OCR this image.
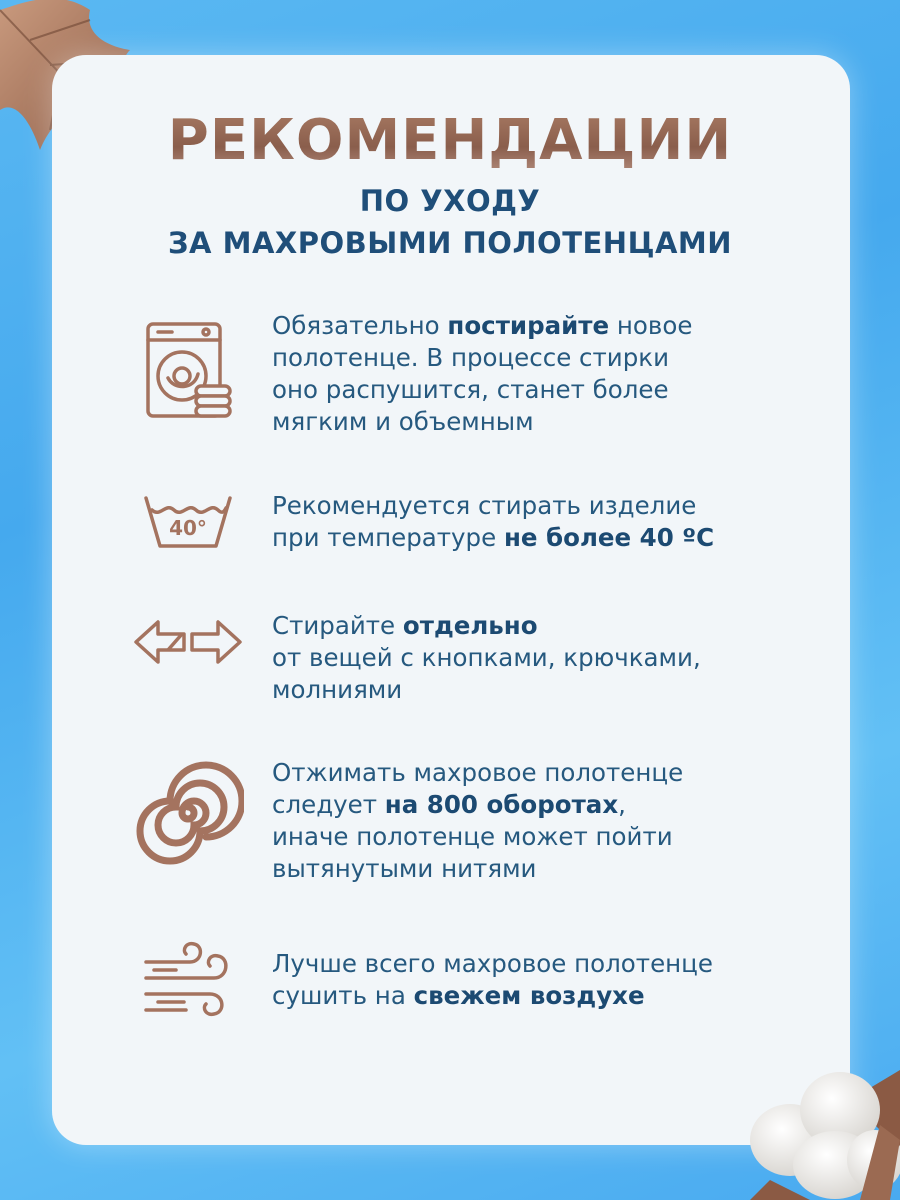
РЕКОМЕНДАЦИИ
ПО УХОДУ
ЗА МАХРОВЫМИ ПОЛОТЕНЦАМИ
Обязательно постирайте новое
полотенце. В процессе стирки
оно распушится, станет более
мягким и объемным
40°
Рекомендуется стирать изделие
при температуре не более 40 ºС
Стирайте отдельно
от вещей с кнопками, крючками,
молниями
Отжимать махровое полотенце
следует на 800 оборотах,
иначе полотенце может пойти
вытянутыми нитями
Лучше всего махровое полотенце
сушить на свежем воздухе
